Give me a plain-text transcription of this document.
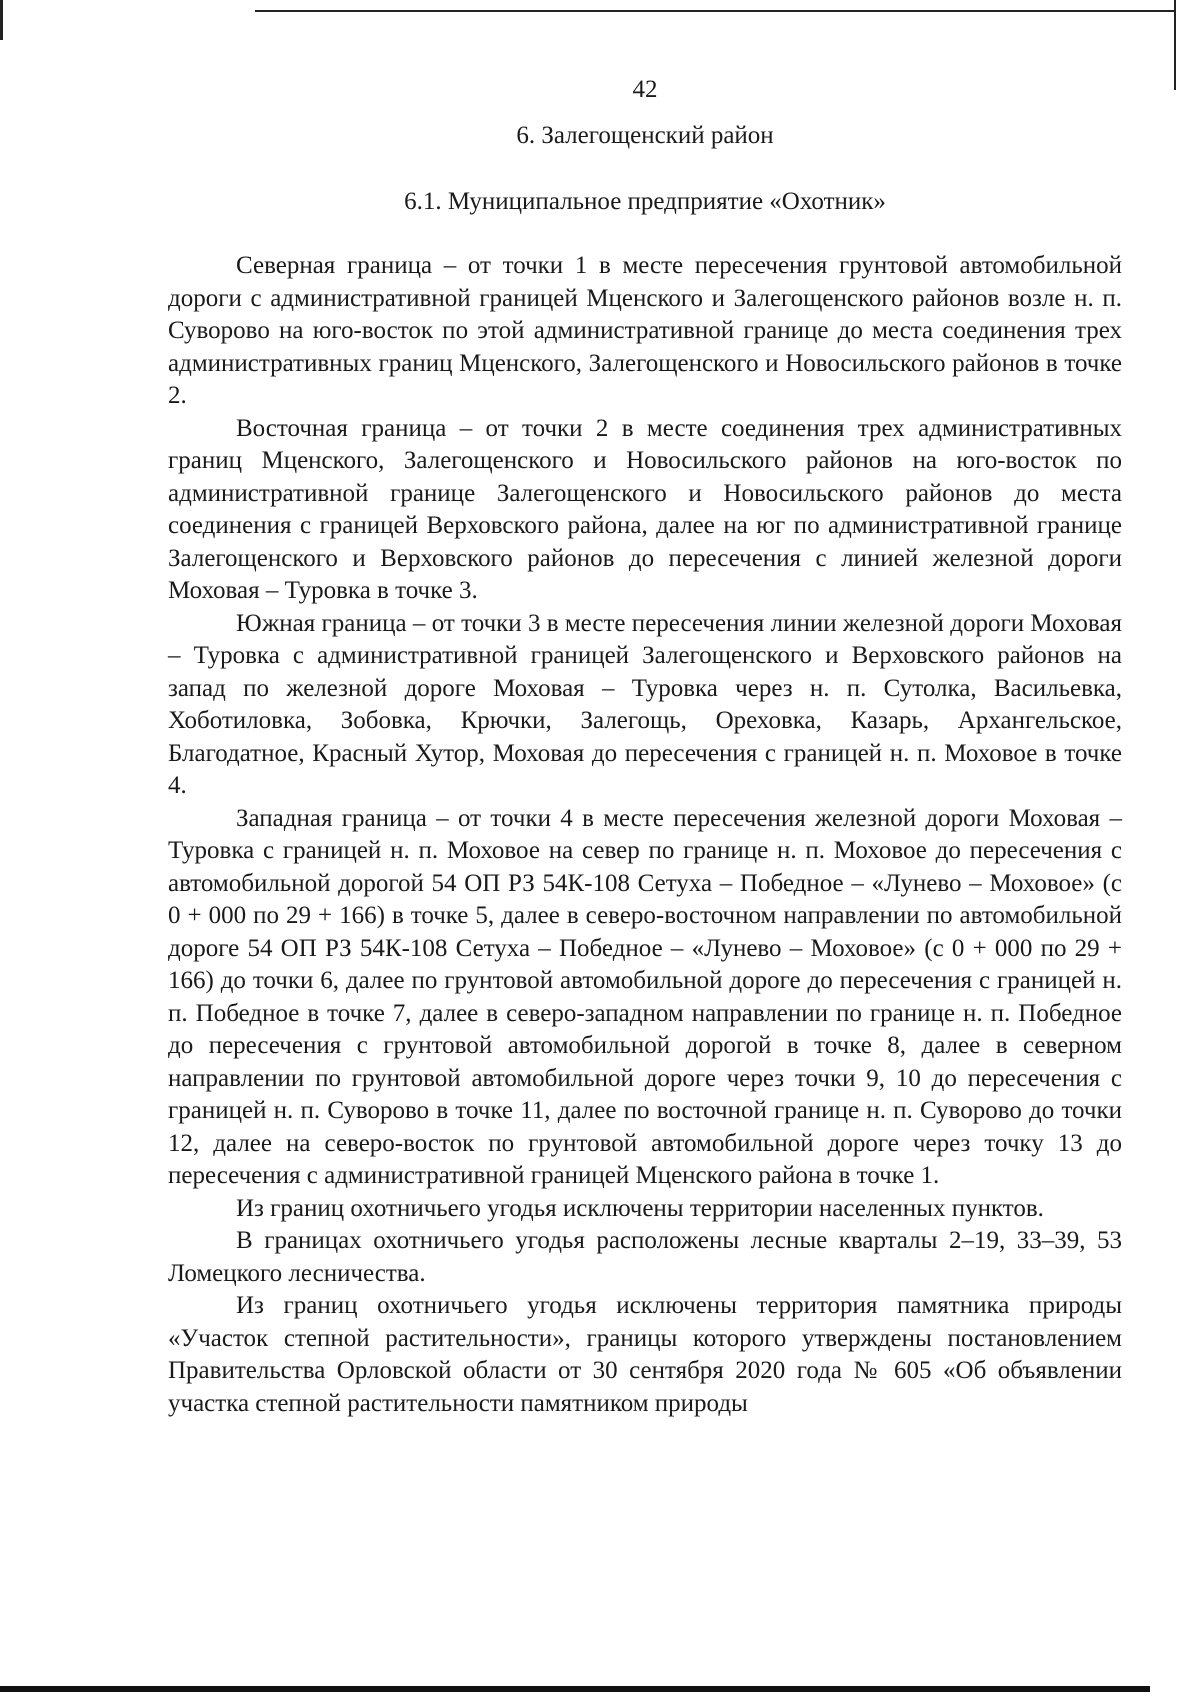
42
6. Залегощенский район
6.1. Муниципальное предприятие «Охотник»

Северная граница – от точки 1 в месте пересечения грунтовой автомобильной дороги с административной границей Мценского и Залегощенского районов возле н. п. Суворово на юго-восток по этой административной границе до места соединения трех административных границ Мценского, Залегощенского и Новосильского районов в точке 2.

Восточная граница – от точки 2 в месте соединения трех административных границ Мценского, Залегощенского и Новосильского районов на юго-восток по административной границе Залегощенского и Новосильского районов до места соединения с границей Верховского района, далее на юг по административной границе Залегощенского и Верховского районов до пересечения с линией железной дороги Моховая – Туровка в точке 3.

Южная граница – от точки 3 в месте пересечения линии железной дороги Моховая – Туровка с административной границей Залегощенского и Верховского районов на запад по железной дороге Моховая – Туровка через н. п. Сутолка, Васильевка, Хоботиловка, Зобовка, Крючки, Залегощь, Ореховка, Казарь, Архангельское, Благодатное, Красный Хутор, Моховая до пересечения с границей н. п. Моховое в точке 4.

Западная граница – от точки 4 в месте пересечения железной дороги Моховая – Туровка с границей н. п. Моховое на север по границе н. п. Моховое до пересечения с автомобильной дорогой 54 ОП РЗ 54К-108 Сетуха – Победное – «Лунево – Моховое» (с 0 + 000 по 29 + 166) в точке 5, далее в северо-восточном направлении по автомобильной дороге 54 ОП РЗ 54К-108 Сетуха – Победное – «Лунево – Моховое» (с 0 + 000 по 29 + 166) до точки 6, далее по грунтовой автомобильной дороге до пересечения с границей н. п. Победное в точке 7, далее в северо-западном направлении по границе н. п. Победное до пересечения с грунтовой автомобильной дорогой в точке 8, далее в северном направлении по грунтовой автомобильной дороге через точки 9, 10 до пересечения с границей н. п. Суворово в точке 11, далее по восточной границе н. п. Суворово до точки 12, далее на северо-восток по грунтовой автомобильной дороге через точку 13 до пересечения с административной границей Мценского района в точке 1.

Из границ охотничьего угодья исключены территории населенных пунктов.

В границах охотничьего угодья расположены лесные кварталы 2–19, 33–39, 53 Ломецкого лесничества.

Из границ охотничьего угодья исключены территория памятника природы «Участок степной растительности», границы которого утверждены постановлением Правительства Орловской области от 30 сентября 2020 года № 605 «Об объявлении участка степной растительности памятником природы
